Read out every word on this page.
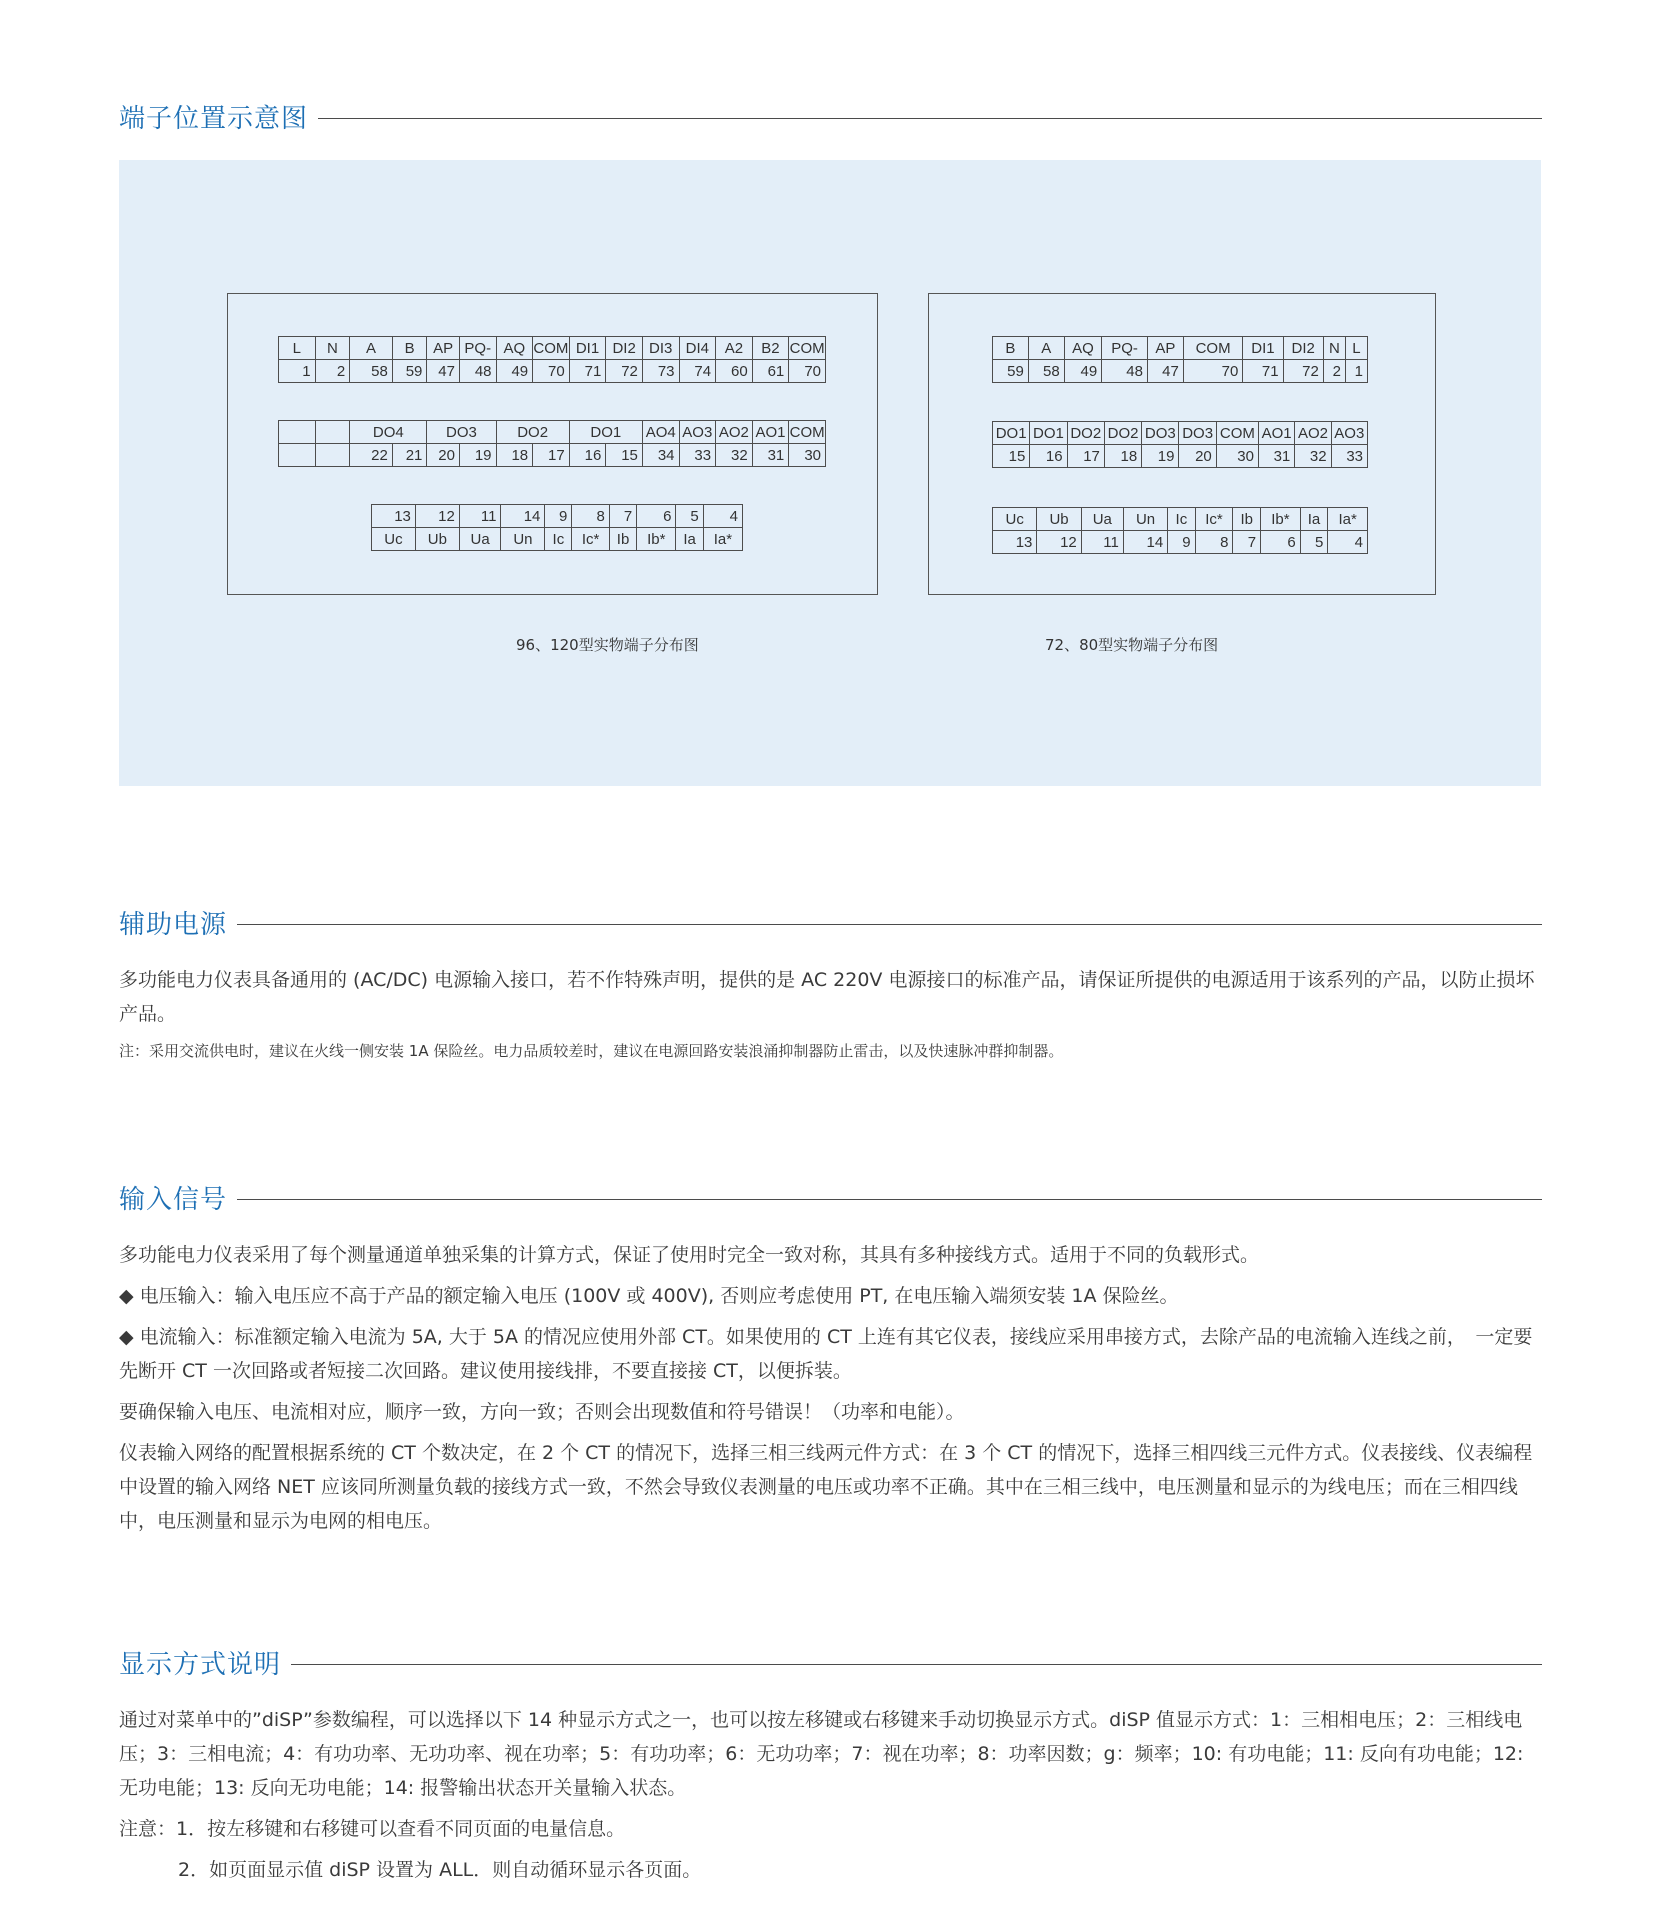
端子位置示意图
L	N	A	B	AP	PQ-	AQ	COM	DI1	DI2	DI3	DI4	A2	B2	COM
1	2	58	59	47	48	49	70	71	72	73	74	60	61	70
		DO4		DO3		DO2		DO1		AO4	AO3	AO2	AO1	COM
		22	21	20	19	18	17	16	15	34	33	32	31	30
13	12	11	14	9	8	7	6	5	4
Uc	Ub	Ua	Un	Ic	Ic*	Ib	Ib*	Ia	Ia*
96、120型实物端子分布图
B	A	AQ	PQ-	AP	COM	DI1	DI2	N	L
59	58	49	48	47	70	71	72	2	1
DO1	DO1	DO2	DO2	DO3	DO3	COM	AO1	AO2	AO3
15	16	17	18	19	20	30	31	32	33
Uc	Ub	Ua	Un	Ic	Ic*	Ib	Ib*	Ia	Ia*
13	12	11	14	9	8	7	6	5	4
72、80型实物端子分布图
辅助电源

多功能电力仪表具备通用的 (AC/DC) 电源输入接口，若不作特殊声明，提供的是 AC 220V 电源接口的标准产品，请保证所提供的电源适用于该系列的产品，以防止损坏产品。

注：采用交流供电时，建议在火线一侧安装 1A 保险丝。电力品质较差时，建议在电源回路安装浪涌抑制器防止雷击，以及快速脉冲群抑制器。
输入信号

多功能电力仪表采用了每个测量通道单独采集的计算方式，保证了使用时完全一致对称，其具有多种接线方式。适用于不同的负载形式。

◆ 电压输入：输入电压应不高于产品的额定输入电压 (100V 或 400V), 否则应考虑使用 PT, 在电压输入端须安装 1A 保险丝。

◆ 电流输入：标准额定输入电流为 5A, 大于 5A 的情况应使用外部 CT。如果使用的 CT 上连有其它仪表，接线应采用串接方式，去除产品的电流输入连线之前，　一定要先断开 CT 一次回路或者短接二次回路。建议使用接线排，不要直接接 CT，以便拆装。

要确保输入电压、电流相对应，顺序一致，方向一致；否则会出现数值和符号错误！（功率和电能）。

仪表输入网络的配置根据系统的 CT 个数决定，在 2 个 CT 的情况下，选择三相三线两元件方式：在 3 个 CT 的情况下，选择三相四线三元件方式。仪表接线、仪表编程中设置的输入网络 NET 应该同所测量负载的接线方式一致，不然会导致仪表测量的电压或功率不正确。其中在三相三线中，电压测量和显示的为线电压；而在三相四线中，电压测量和显示为电网的相电压。

显示方式说明

通过对菜单中的”diSP”参数编程，可以选择以下 14 种显示方式之一，也可以按左移键或右移键来手动切换显示方式。diSP 值显示方式：1：三相相电压；2：三相线电压；3：三相电流；4：有功功率、无功功率、视在功率；5：有功功率；6：无功功率；7：视在功率；8：功率因数；g：频率；10: 有功电能；11: 反向有功电能；12: 无功电能；13: 反向无功电能；14: 报警输出状态开关量输入状态。

注意：1．按左移键和右移键可以查看不同页面的电量信息。

2．如页面显示值 diSP 设置为 ALL．则自动循环显示各页面。
